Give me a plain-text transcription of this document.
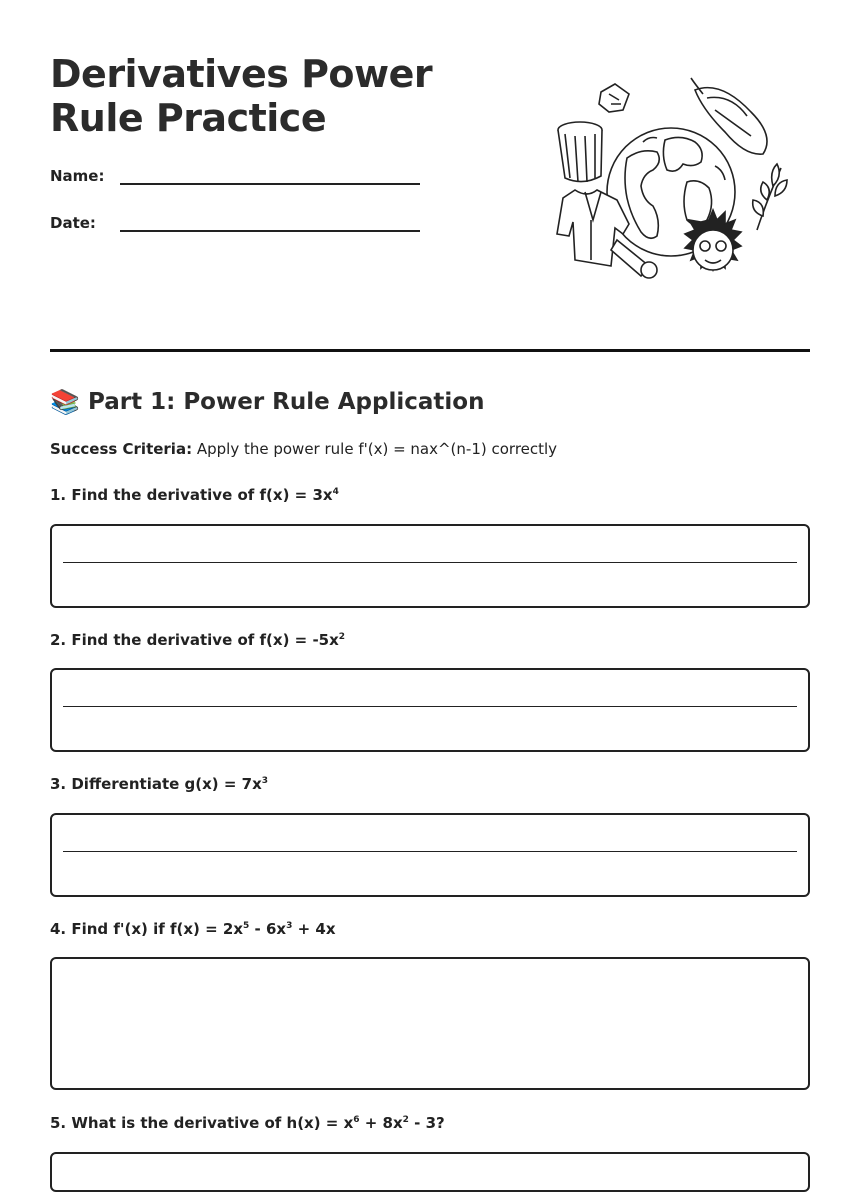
Derivatives Power Rule Practice
Name:
Date:
📚 Part 1: Power Rule Application
Success Criteria: Apply the power rule f'(x) = nax^(n-1) correctly
1. Find the derivative of $f(x) = 3x^4$
2. Find the derivative of $f(x) = -5x^2$
3. Differentiate $g(x) = 7x^3$
4. Find f'(x) if $f(x) = 2x^5 - 6x^3 + 4x$
5. What is the derivative of $h(x) = x^6 + 8x^2 - 3$?
